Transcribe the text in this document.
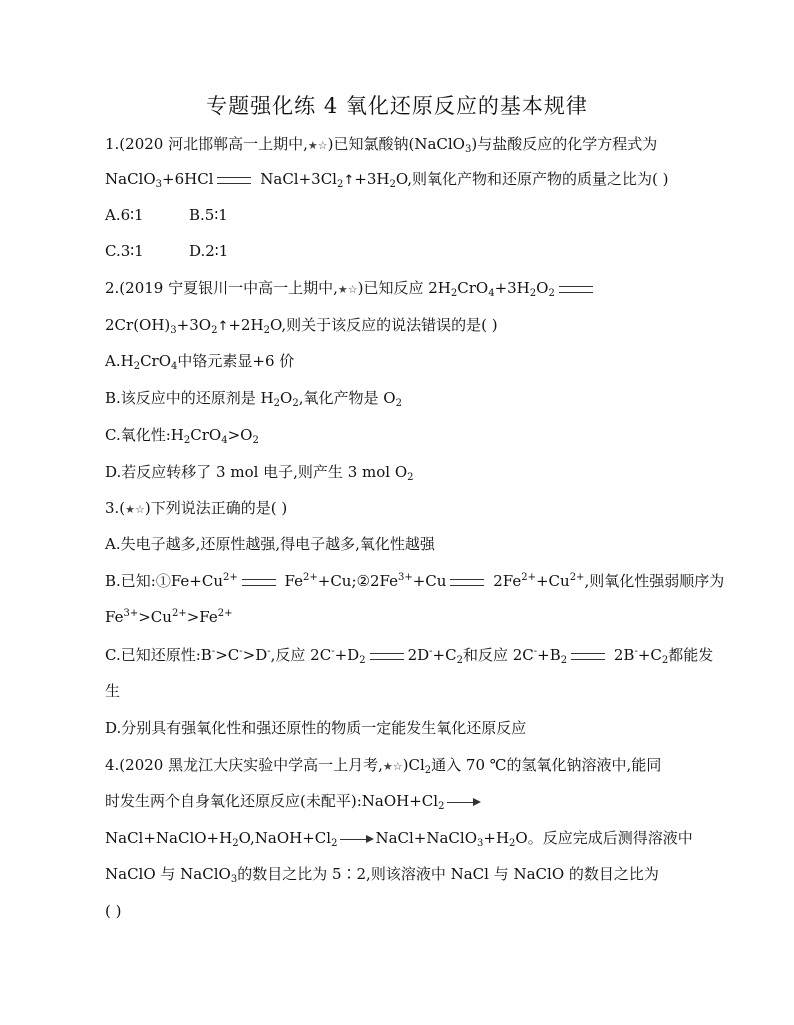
专题强化练 4 氧化还原反应的基本规律
1.(2020 河北邯郸高一上期中,★☆)已知氯酸钠(NaClO$_3$)与盐酸反应的化学方程式为
NaClO$_3$+6HCl	$NaCl+3Cl_2↑+3H_2O$,则氧化产物和还原产物的质量之比为( )
A.6∶1	B.5∶1
C.3∶1	D.2∶1
2.(2019 宁夏银川一中高一上期中,★☆)已知反应 $2H_2CrO_4+3H_2O_2$
$2Cr(OH)_3+3O_2↑+2H_2O$,则关于该反应的说法错误的是( )
$A.H_2CrO_4$中铬元素显+6 价
B.该反应中的还原剂是 $H_2O_2$,氧化产物是 $O_2$
C.氧化性$:H_2CrO_4>O_2$
D.若反应转移了 3 mol 电子,则产生 3 mol $O_2$
3.(★☆)下列说法正确的是( )
A.失电子越多,还原性越强,得电子越多,氧化性越强
B.已知$:①Fe+Cu^{2+}$	$Fe^{2+}+Cu;②2Fe^{3+}+Cu$	$2Fe^{2+}+Cu^{2+}$,则氧化性强弱顺序为
$Fe^{3+}>Cu^{2+}>Fe^{2+}$
C.已知还原性:B->C->D-,反应 $2C^-+D_2$	$2D^-+C_2$和反应 $2C^-+B_2$	$2B^-+C_2$都能发
生
D.分别具有强氧化性和强还原性的物质一定能发生氧化还原反应
4.(2020 黑龙江大庆实验中学高一上月考$,★☆)Cl_2$通入 70 ℃的氢氧化钠溶液中,能同
时发生两个自身氧化还原反应(未配平)$:NaOH+Cl_2$ →
$NaCl+NaClO+H_2O,NaOH+Cl_2$ → $NaCl+NaClO_3+H_2O$。反应完成后测得溶液中
NaClO 与 NaClO$_3$的数目之比为 5∶2,则该溶液中 NaCl 与 NaClO 的数目之比为
( )
